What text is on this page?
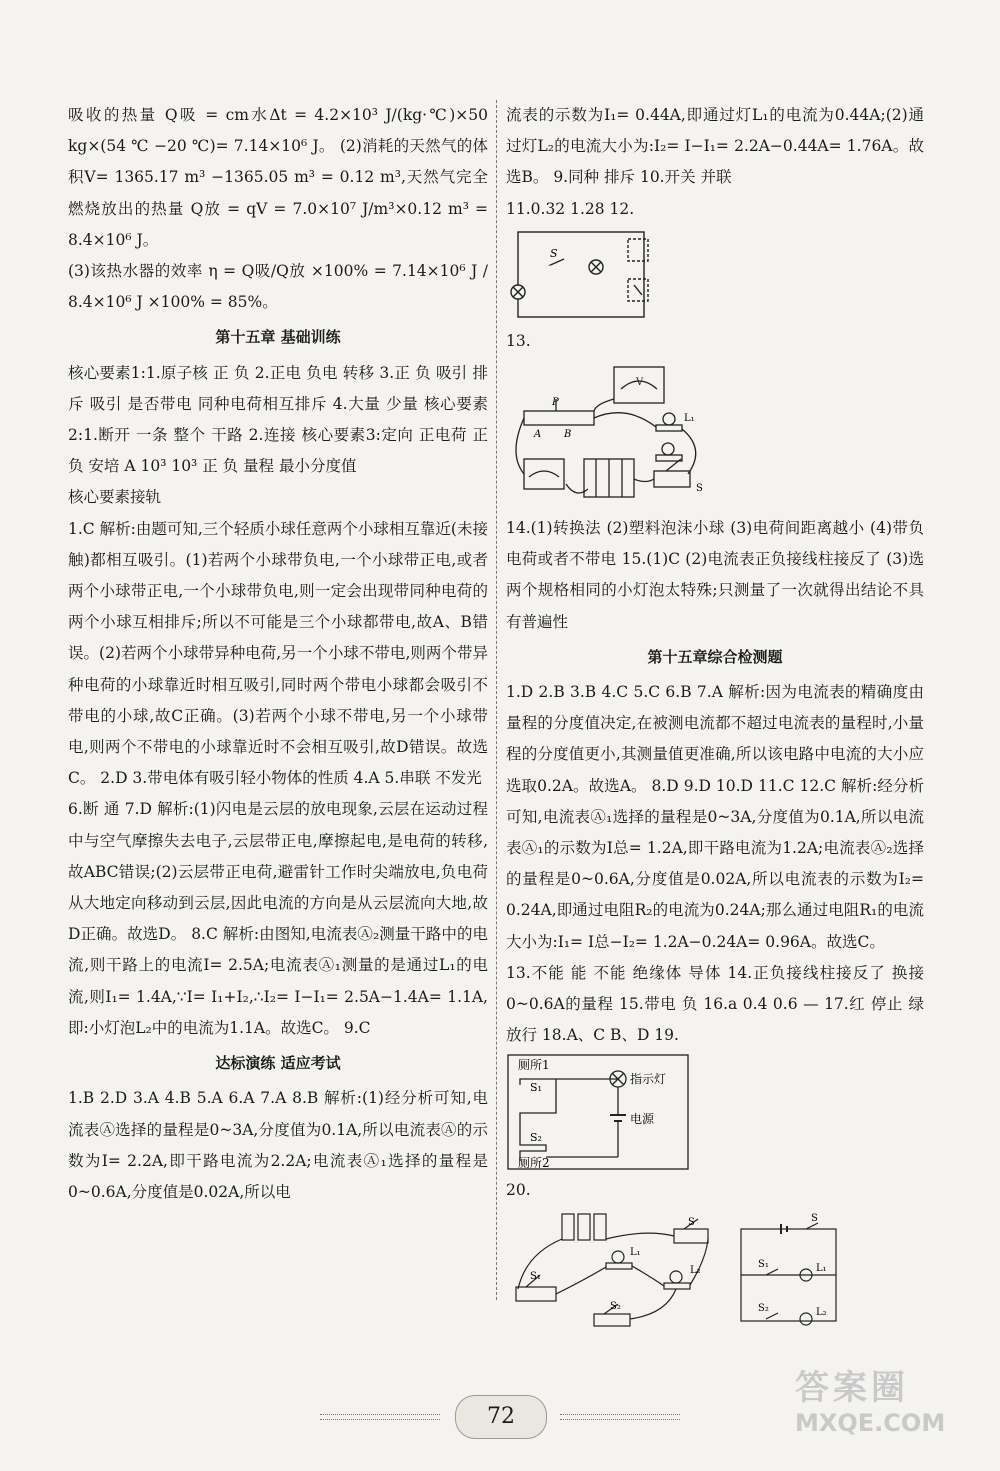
吸收的热量 Q吸 = cm水Δt = 4.2×10³ J/(kg·℃)×50 kg×(54 ℃ −20 ℃)= 7.14×10⁶ J。 (2)消耗的天然气的体积V= 1365.17 m³ −1365.05 m³ = 0.12 m³,天然气完全燃烧放出的热量 Q放 = qV = 7.0×10⁷ J/m³×0.12 m³ = 8.4×10⁶ J。

(3)该热水器的效率 η = Q吸/Q放 ×100% = 7.14×10⁶ J / 8.4×10⁶ J ×100% = 85%。

第十五章 基础训练

核心要素1:1.原子核 正 负 2.正电 负电 转移 3.正 负 吸引 排斥 吸引 是否带电 同种电荷相互排斥 4.大量 少量 核心要素2:1.断开 一条 整个 干路 2.连接 核心要素3:定向 正电荷 正 负 安培 A 10³ 10³ 正 负 量程 最小分度值

核心要素接轨

1.C 解析:由题可知,三个轻质小球任意两个小球相互靠近(未接触)都相互吸引。(1)若两个小球带负电,一个小球带正电,或者两个小球带正电,一个小球带负电,则一定会出现带同种电荷的两个小球互相排斥;所以不可能是三个小球都带电,故A、B错误。(2)若两个小球带异种电荷,另一个小球不带电,则两个带异种电荷的小球靠近时相互吸引,同时两个带电小球都会吸引不带电的小球,故C正确。(3)若两个小球不带电,另一个小球带电,则两个不带电的小球靠近时不会相互吸引,故D错误。故选C。 2.D 3.带电体有吸引轻小物体的性质 4.A 5.串联 不发光

6.断 通 7.D 解析:(1)闪电是云层的放电现象,云层在运动过程中与空气摩擦失去电子,云层带正电,摩擦起电,是电荷的转移,故ABC错误;(2)云层带正电荷,避雷针工作时尖端放电,负电荷从大地定向移动到云层,因此电流的方向是从云层流向大地,故D正确。故选D。 8.C 解析:由图知,电流表Ⓐ₂测量干路中的电流,则干路上的电流I= 2.5A;电流表Ⓐ₁测量的是通过L₁的电流,则I₁= 1.4A,∵I= I₁+I₂,∴I₂= I−I₁= 2.5A−1.4A= 1.1A,即:小灯泡L₂中的电流为1.1A。故选C。 9.C

达标演练 适应考试

1.B 2.D 3.A 4.B 5.A 6.A 7.A 8.B 解析:(1)经分析可知,电流表Ⓐ选择的量程是0~3A,分度值为0.1A,所以电流表Ⓐ的示数为I= 2.2A,即干路电流为2.2A;电流表Ⓐ₁选择的量程是0~0.6A,分度值是0.02A,所以电

流表的示数为I₁= 0.44A,即通过灯L₁的电流为0.44A;(2)通过灯L₂的电流大小为:I₂= I−I₁= 2.2A−0.44A= 1.76A。故选B。 9.同种 排斥 10.开关 并联

11.0.32 1.28 12.

S

13.

V
A B
P
L₁
S

14.(1)转换法 (2)塑料泡沫小球 (3)电荷间距离越小 (4)带负电荷或者不带电 15.(1)C (2)电流表正负接线柱接反了 (3)选两个规格相同的小灯泡太特殊;只测量了一次就得出结论不具有普遍性

第十五章综合检测题

1.D 2.B 3.B 4.C 5.C 6.B 7.A 解析:因为电流表的精确度由量程的分度值决定,在被测电流都不超过电流表的量程时,小量程的分度值更小,其测量值更准确,所以该电路中电流的大小应选取0.2A。故选A。 8.D 9.D 10.D 11.C 12.C 解析:经分析可知,电流表Ⓐ₁选择的量程是0~3A,分度值为0.1A,所以电流表Ⓐ₁的示数为I总= 1.2A,即干路电流为1.2A;电流表Ⓐ₂选择的量程是0~0.6A,分度值是0.02A,所以电流表的示数为I₂= 0.24A,即通过电阻R₂的电流为0.24A;那么通过电阻R₁的电流大小为:I₁= I总−I₂= 1.2A−0.24A= 0.96A。故选C。

13.不能 能 不能 绝缘体 导体 14.正负接线柱接反了 换接0~0.6A的量程 15.带电 负 16.a 0.4 0.6 — 17.红 停止 绿 放行 18.A、C B、D 19.

厕所1
S₁
S₂
厕所2
指示灯
电源

20.

S
S₁
S₂
L₁
L₂
S
S₁
S₂
L₁
L₂
72
答案圈
MXQE.COM
